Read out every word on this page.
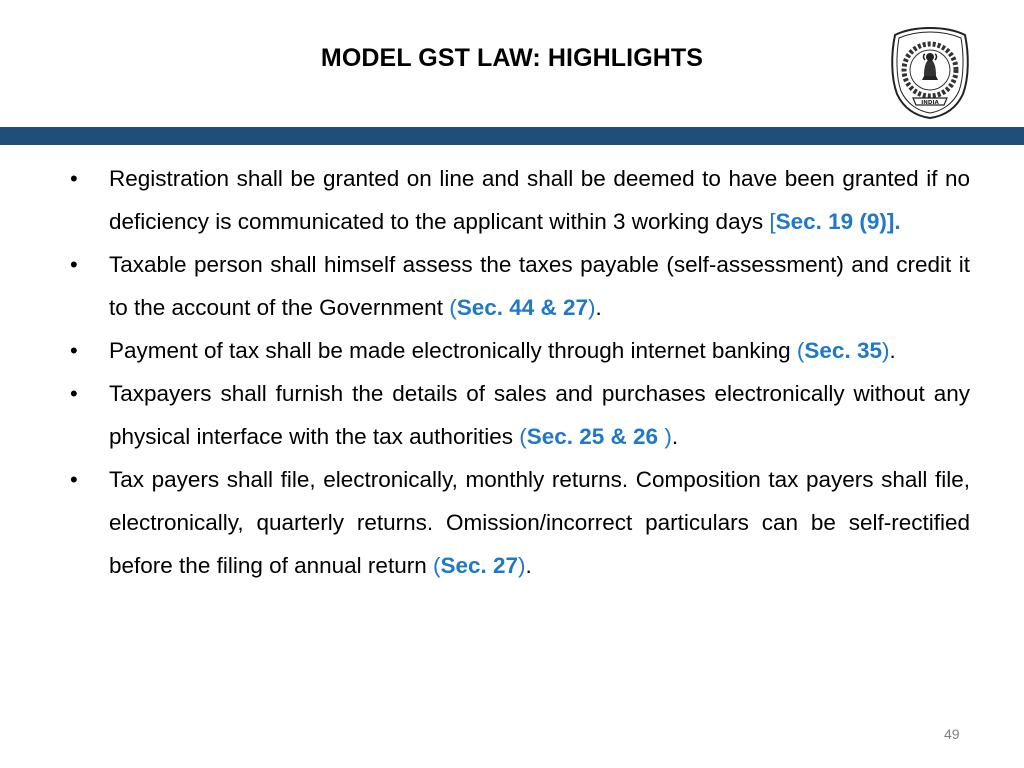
MODEL GST LAW: HIGHLIGHTS
INDIA
• Registration shall be granted on line and shall be deemed to have been granted if no deficiency is communicated to the applicant within 3 working days [Sec. 19 (9)].
• Taxable person shall himself assess the taxes payable (self-assessment) and credit it to the account of the Government (Sec. 44 & 27).
• Payment of tax shall be made electronically through internet banking (Sec. 35).
• Taxpayers shall furnish the details of sales and purchases electronically without any physical interface with the tax authorities (Sec. 25 & 26 ).
• Tax payers shall file, electronically, monthly returns. Composition tax payers shall file, electronically, quarterly returns. Omission/incorrect particulars can be self-rectified before the filing of annual return (Sec. 27).
49
